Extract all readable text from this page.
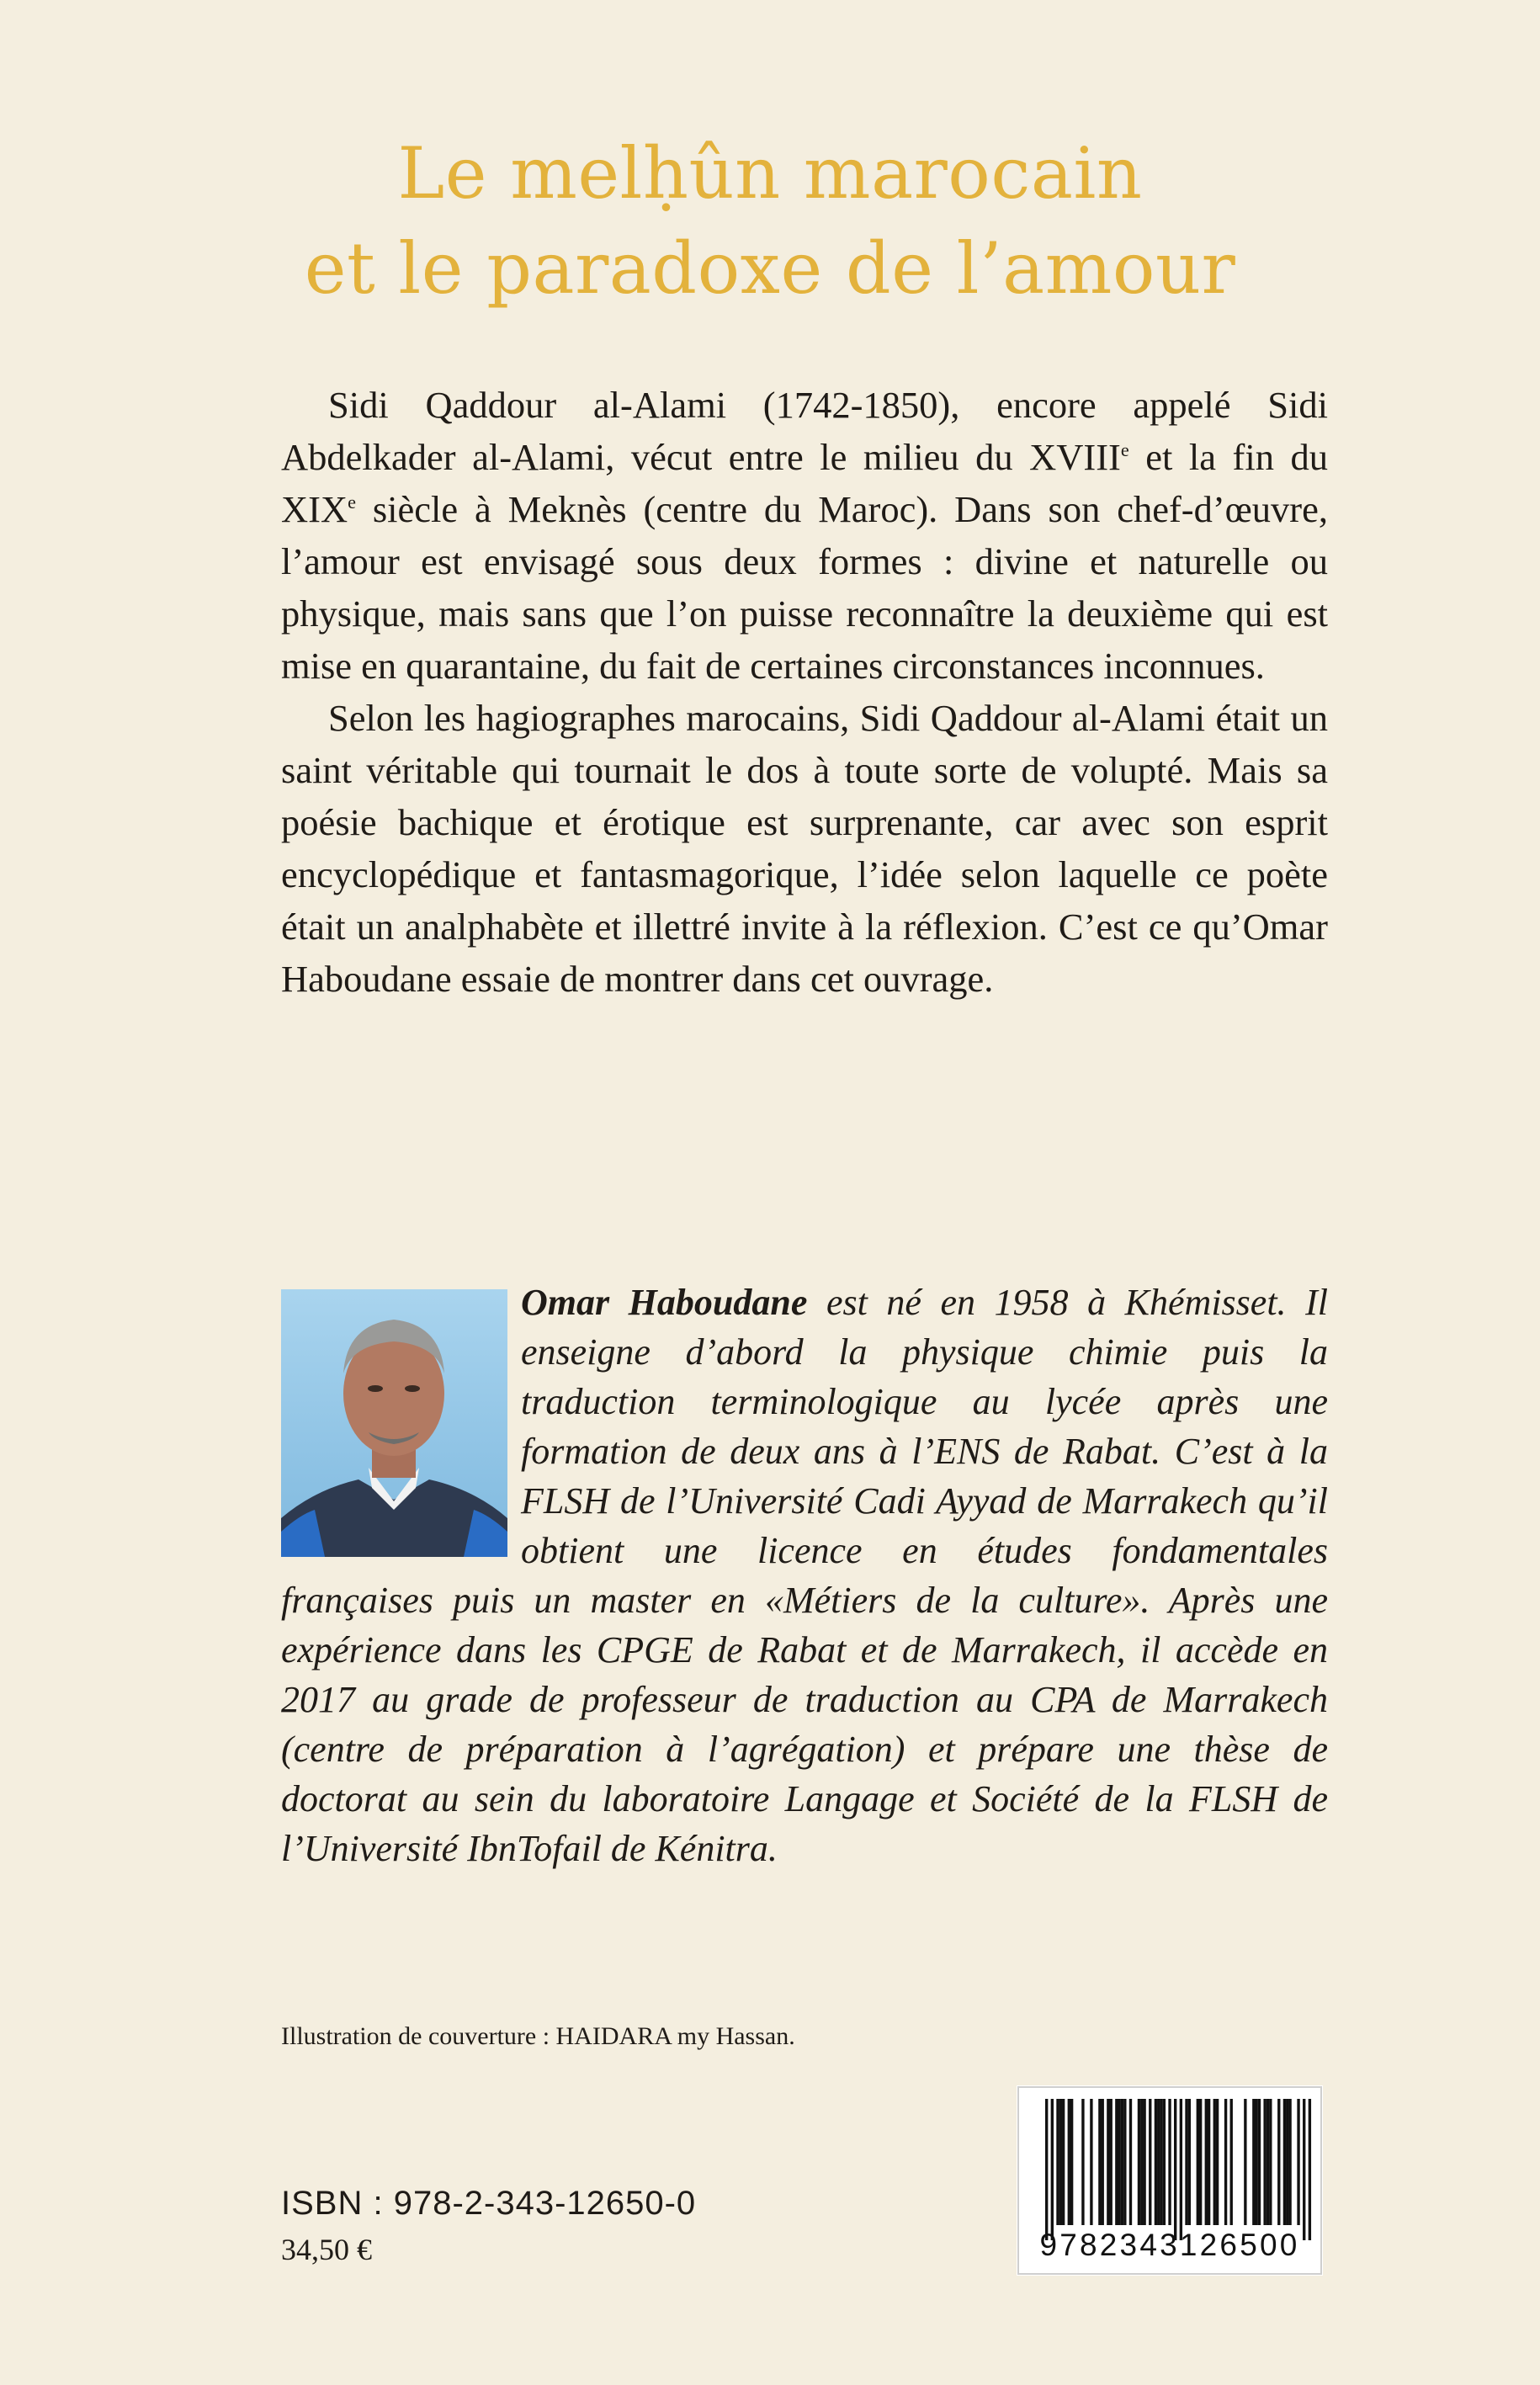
Le melḥûn marocain
et le paradoxe de l’amour

Sidi Qaddour al-Alami (1742-1850), encore appelé Sidi Abdelkader al-Alami, vécut entre le milieu du XVIIIe et la fin du XIXe siècle à Meknès (centre du Maroc). Dans son chef-d’œuvre, l’amour est envisagé sous deux formes : divine et naturelle ou physique, mais sans que l’on puisse reconnaître la deuxième qui est mise en quarantaine, du fait de certaines circonstances inconnues.

Selon les hagiographes marocains, Sidi Qaddour al-Alami était un saint véritable qui tournait le dos à toute sorte de volupté. Mais sa poésie bachique et érotique est surprenante, car avec son esprit encyclopédique et fantasmagorique, l’idée selon laquelle ce poète était un analphabète et illettré invite à la réflexion. C’est ce qu’Omar Haboudane essaie de montrer dans cet ouvrage.

Omar Haboudane est né en 1958 à Khémisset. Il enseigne d’abord la physique chimie puis la traduction terminologique au lycée après une formation de deux ans à l’ENS de Rabat. C’est à la FLSH de l’Université Cadi Ayyad de Marrakech qu’il obtient une licence en études fondamentales françaises puis un master en «Métiers de la culture». Après une expérience dans les CPGE de Rabat et de Marrakech, il accède en 2017 au grade de professeur de traduction au CPA de Marrakech (centre de préparation à l’agrégation) et prépare une thèse de doctorat au sein du laboratoire Langage et Société de la FLSH de l’Université IbnTofail de Kénitra.
Illustration de couverture : HAIDARA my Hassan.
ISBN : 978-2-343-12650-0
34,50 €	9782343126500
